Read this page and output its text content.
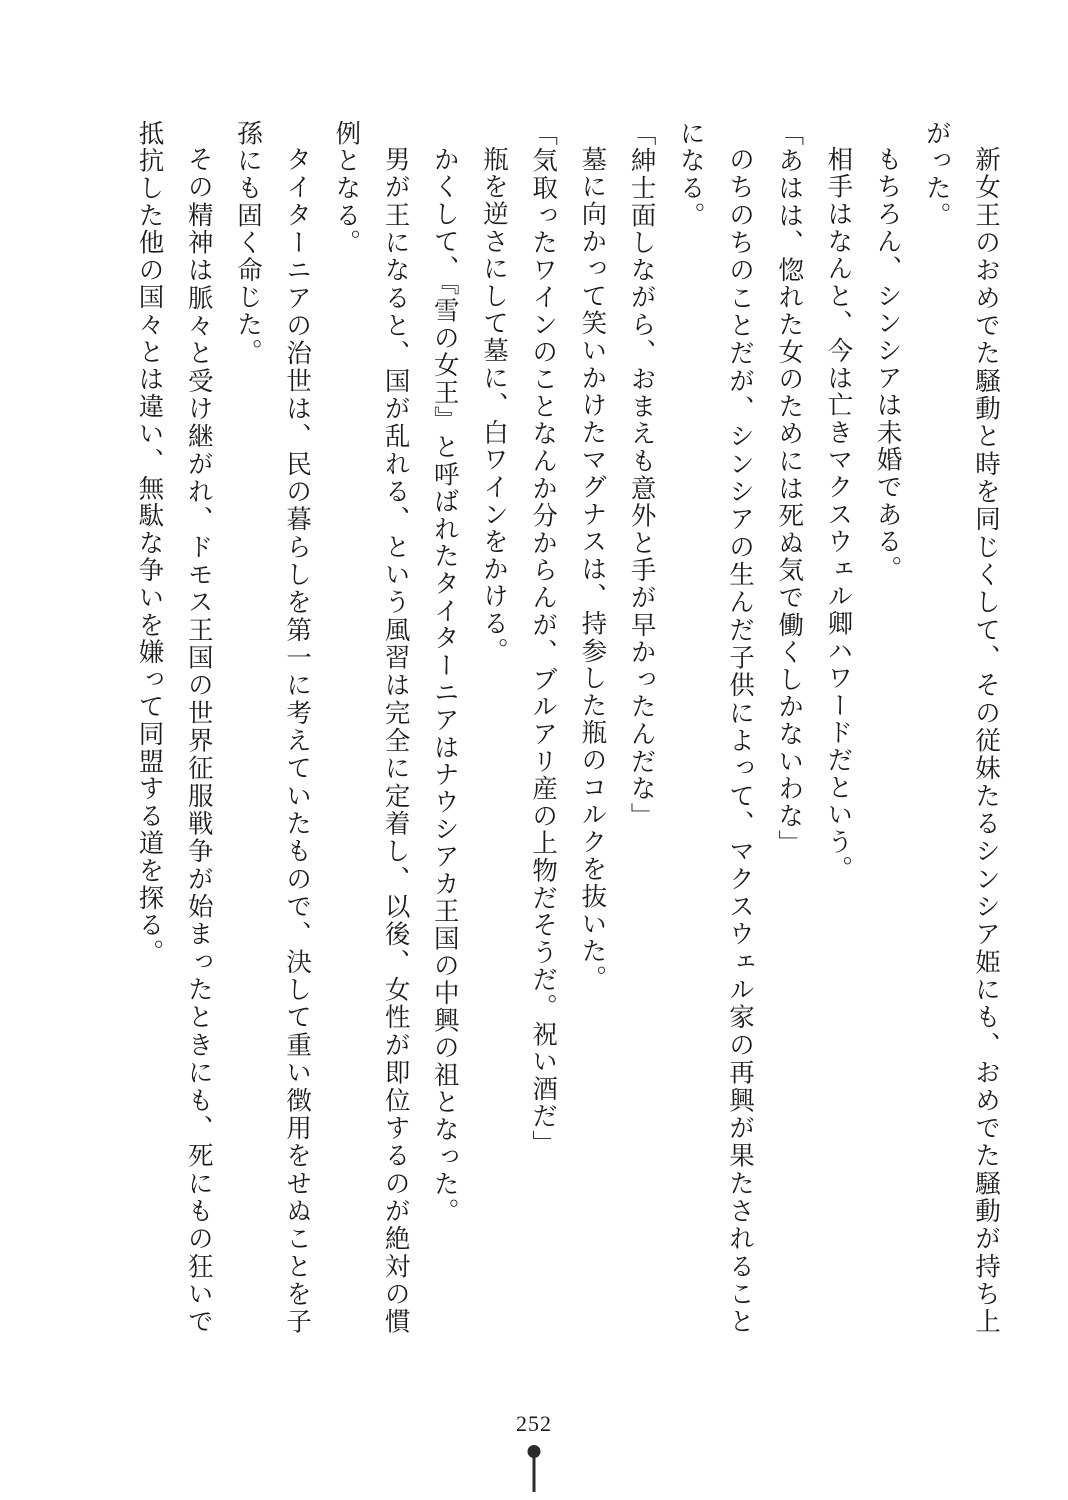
新女王のおめでた騒動と時を同じくして、その従妹たるシンシア姫にも、おめでた騒動が持ち上がった。

もちろん、シンシアは未婚である。

相手はなんと、今は亡きマクスウェル卿ハワードだという。

「あはは、惚れた女のためには死ぬ気で働くしかないわな」

のちのちのことだが、シンシアの生んだ子供によって、マクスウェル家の再興が果たされることになる。

「紳士面しながら、おまえも意外と手が早かったんだな」

墓に向かって笑いかけたマグナスは、持参した瓶のコルクを抜いた。

「気取ったワインのことなんか分からんが、ブルアリ産の上物だそうだ。祝い酒だ」

瓶を逆さにして墓に、白ワインをかける。

かくして、『雪の女王』と呼ばれたタイターニアはナウシアカ王国の中興の祖となった。

男が王になると、国が乱れる、という風習は完全に定着し、以後、女性が即位するのが絶対の慣例となる。

タイターニアの治世は、民の暮らしを第一に考えていたもので、決して重い徴用をせぬことを子孫にも固く命じた。

その精神は脈々と受け継がれ、ドモス王国の世界征服戦争が始まったときにも、死にもの狂いで抵抗した他の国々とは違い、無駄な争いを嫌って同盟する道を探る。

252
